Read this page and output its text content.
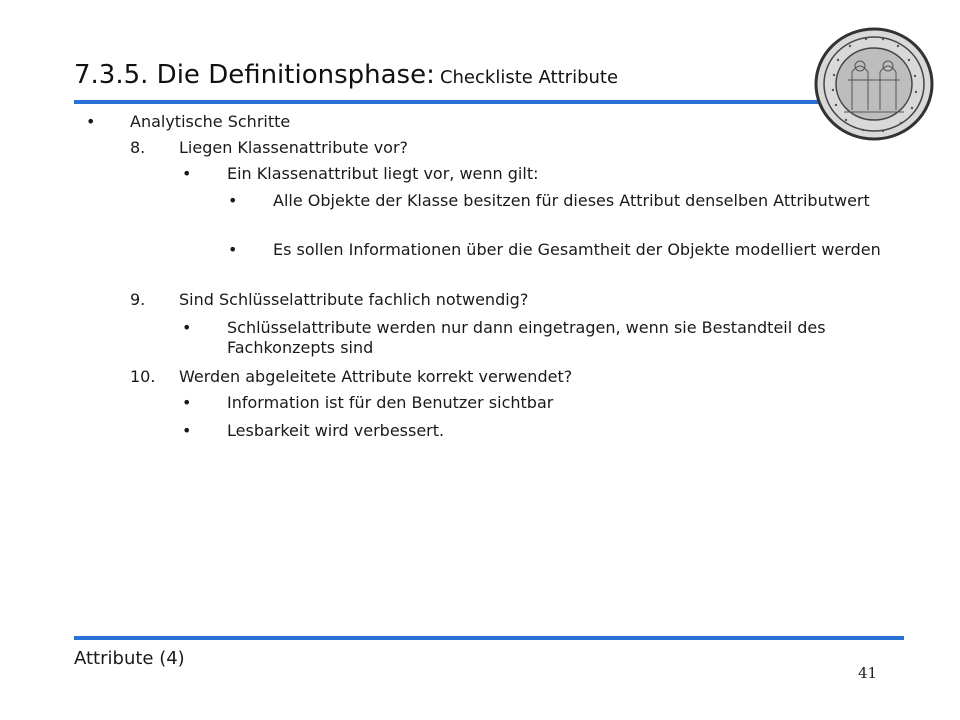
7.3.5. Die Definitionsphase: Checkliste Attribute
• Analytische Schritte
8. Liegen Klassenattribute vor?
• Ein Klassenattribut liegt vor, wenn gilt:
• Alle Objekte der Klasse besitzen für dieses Attribut denselben Attributwert
• Es sollen Informationen über die Gesamtheit der Objekte modelliert werden
9. Sind Schlüsselattribute fachlich notwendig?
• Schlüsselattribute werden nur dann eingetragen, wenn sie Bestandteil des Fachkonzepts sind
10. Werden abgeleitete Attribute korrekt verwendet?
• Information ist für den Benutzer sichtbar
• Lesbarkeit wird verbessert.
Attribute (4)
41
